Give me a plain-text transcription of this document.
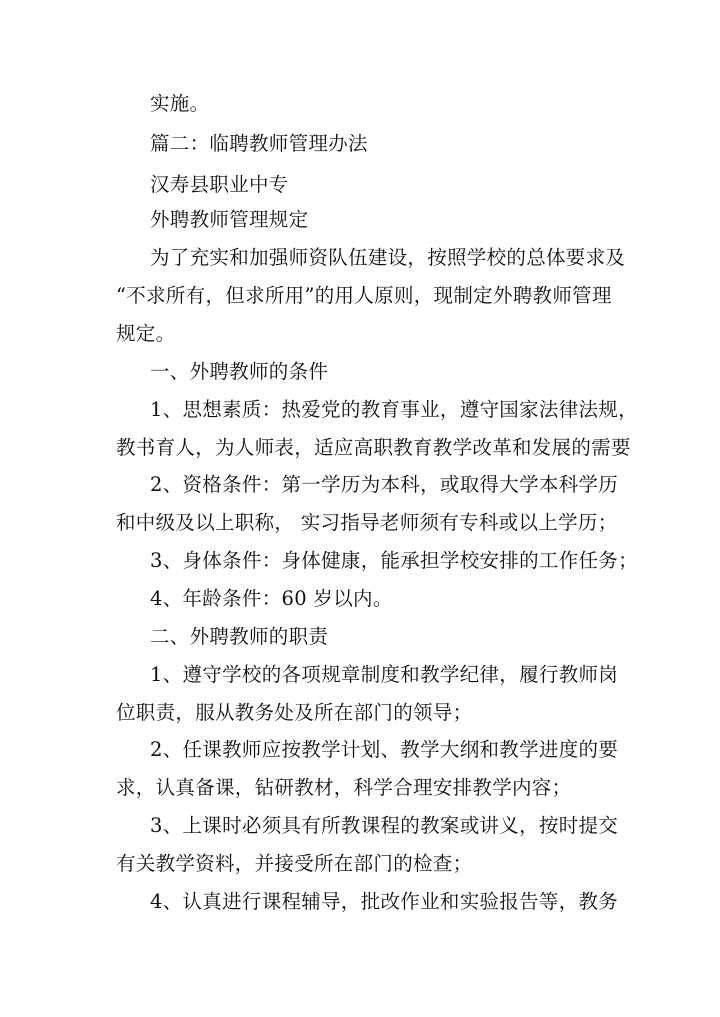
实施。
篇二：临聘教师管理办法
汉寿县职业中专
外聘教师管理规定
为了充实和加强师资队伍建设，按照学校的总体要求及
“不求所有，但求所用”的用人原则，现制定外聘教师管理
规定。
一、外聘教师的条件
1、思想素质：热爱党的教育事业，遵守国家法律法规，
教书育人，为人师表，适应高职教育教学改革和发展的需要
2、资格条件：第一学历为本科，或取得大学本科学历
和中级及以上职称， 实习指导老师须有专科或以上学历；
3、身体条件：身体健康，能承担学校安排的工作任务；
4、年龄条件：60 岁以内。
二、外聘教师的职责
1、遵守学校的各项规章制度和教学纪律，履行教师岗
位职责，服从教务处及所在部门的领导；
2、任课教师应按教学计划、教学大纲和教学进度的要
求，认真备课，钻研教材，科学合理安排教学内容；
3、上课时必须具有所教课程的教案或讲义，按时提交
有关教学资料，并接受所在部门的检查；
4、认真进行课程辅导，批改作业和实验报告等，教务
